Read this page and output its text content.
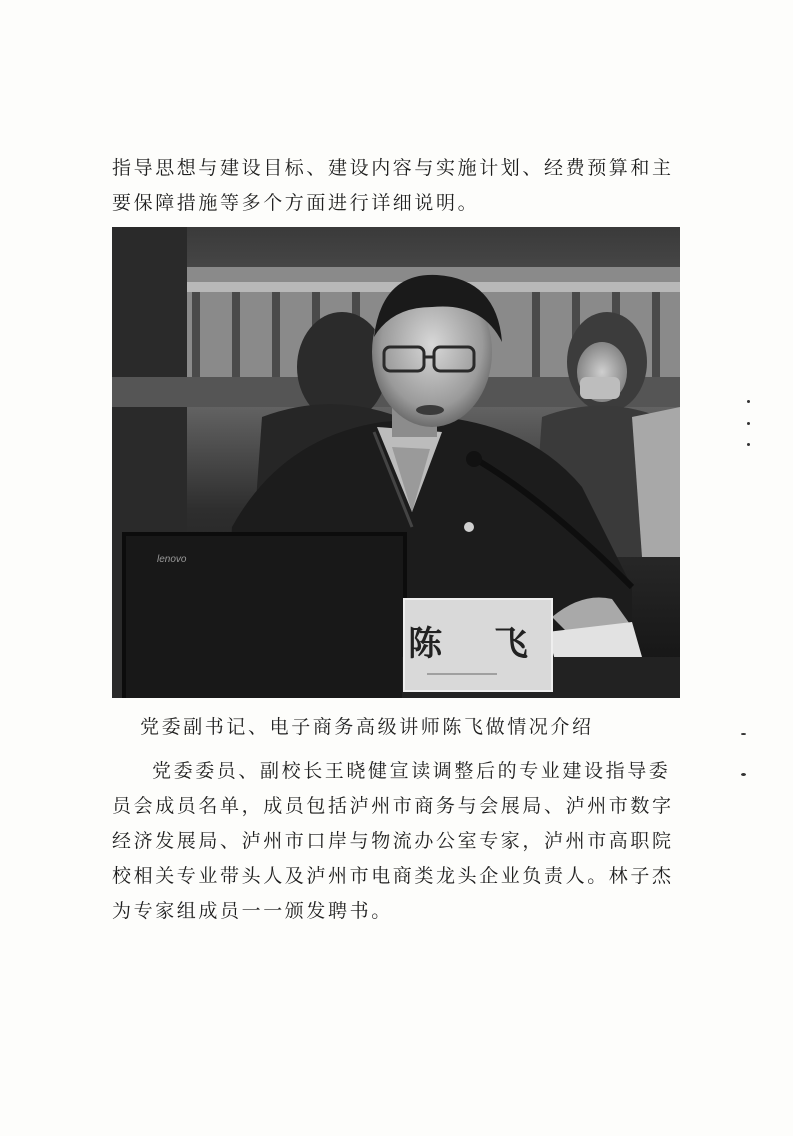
指导思想与建设目标、建设内容与实施计划、经费预算和主

要保障措施等多个方面进行详细说明。

lenovo
陈 飞
党委副书记、电子商务高级讲师陈飞做情况介绍

党委委员、副校长王晓健宣读调整后的专业建设指导委

员会成员名单，成员包括泸州市商务与会展局、泸州市数字

经济发展局、泸州市口岸与物流办公室专家，泸州市高职院

校相关专业带头人及泸州市电商类龙头企业负责人。林子杰

为专家组成员一一颁发聘书。
